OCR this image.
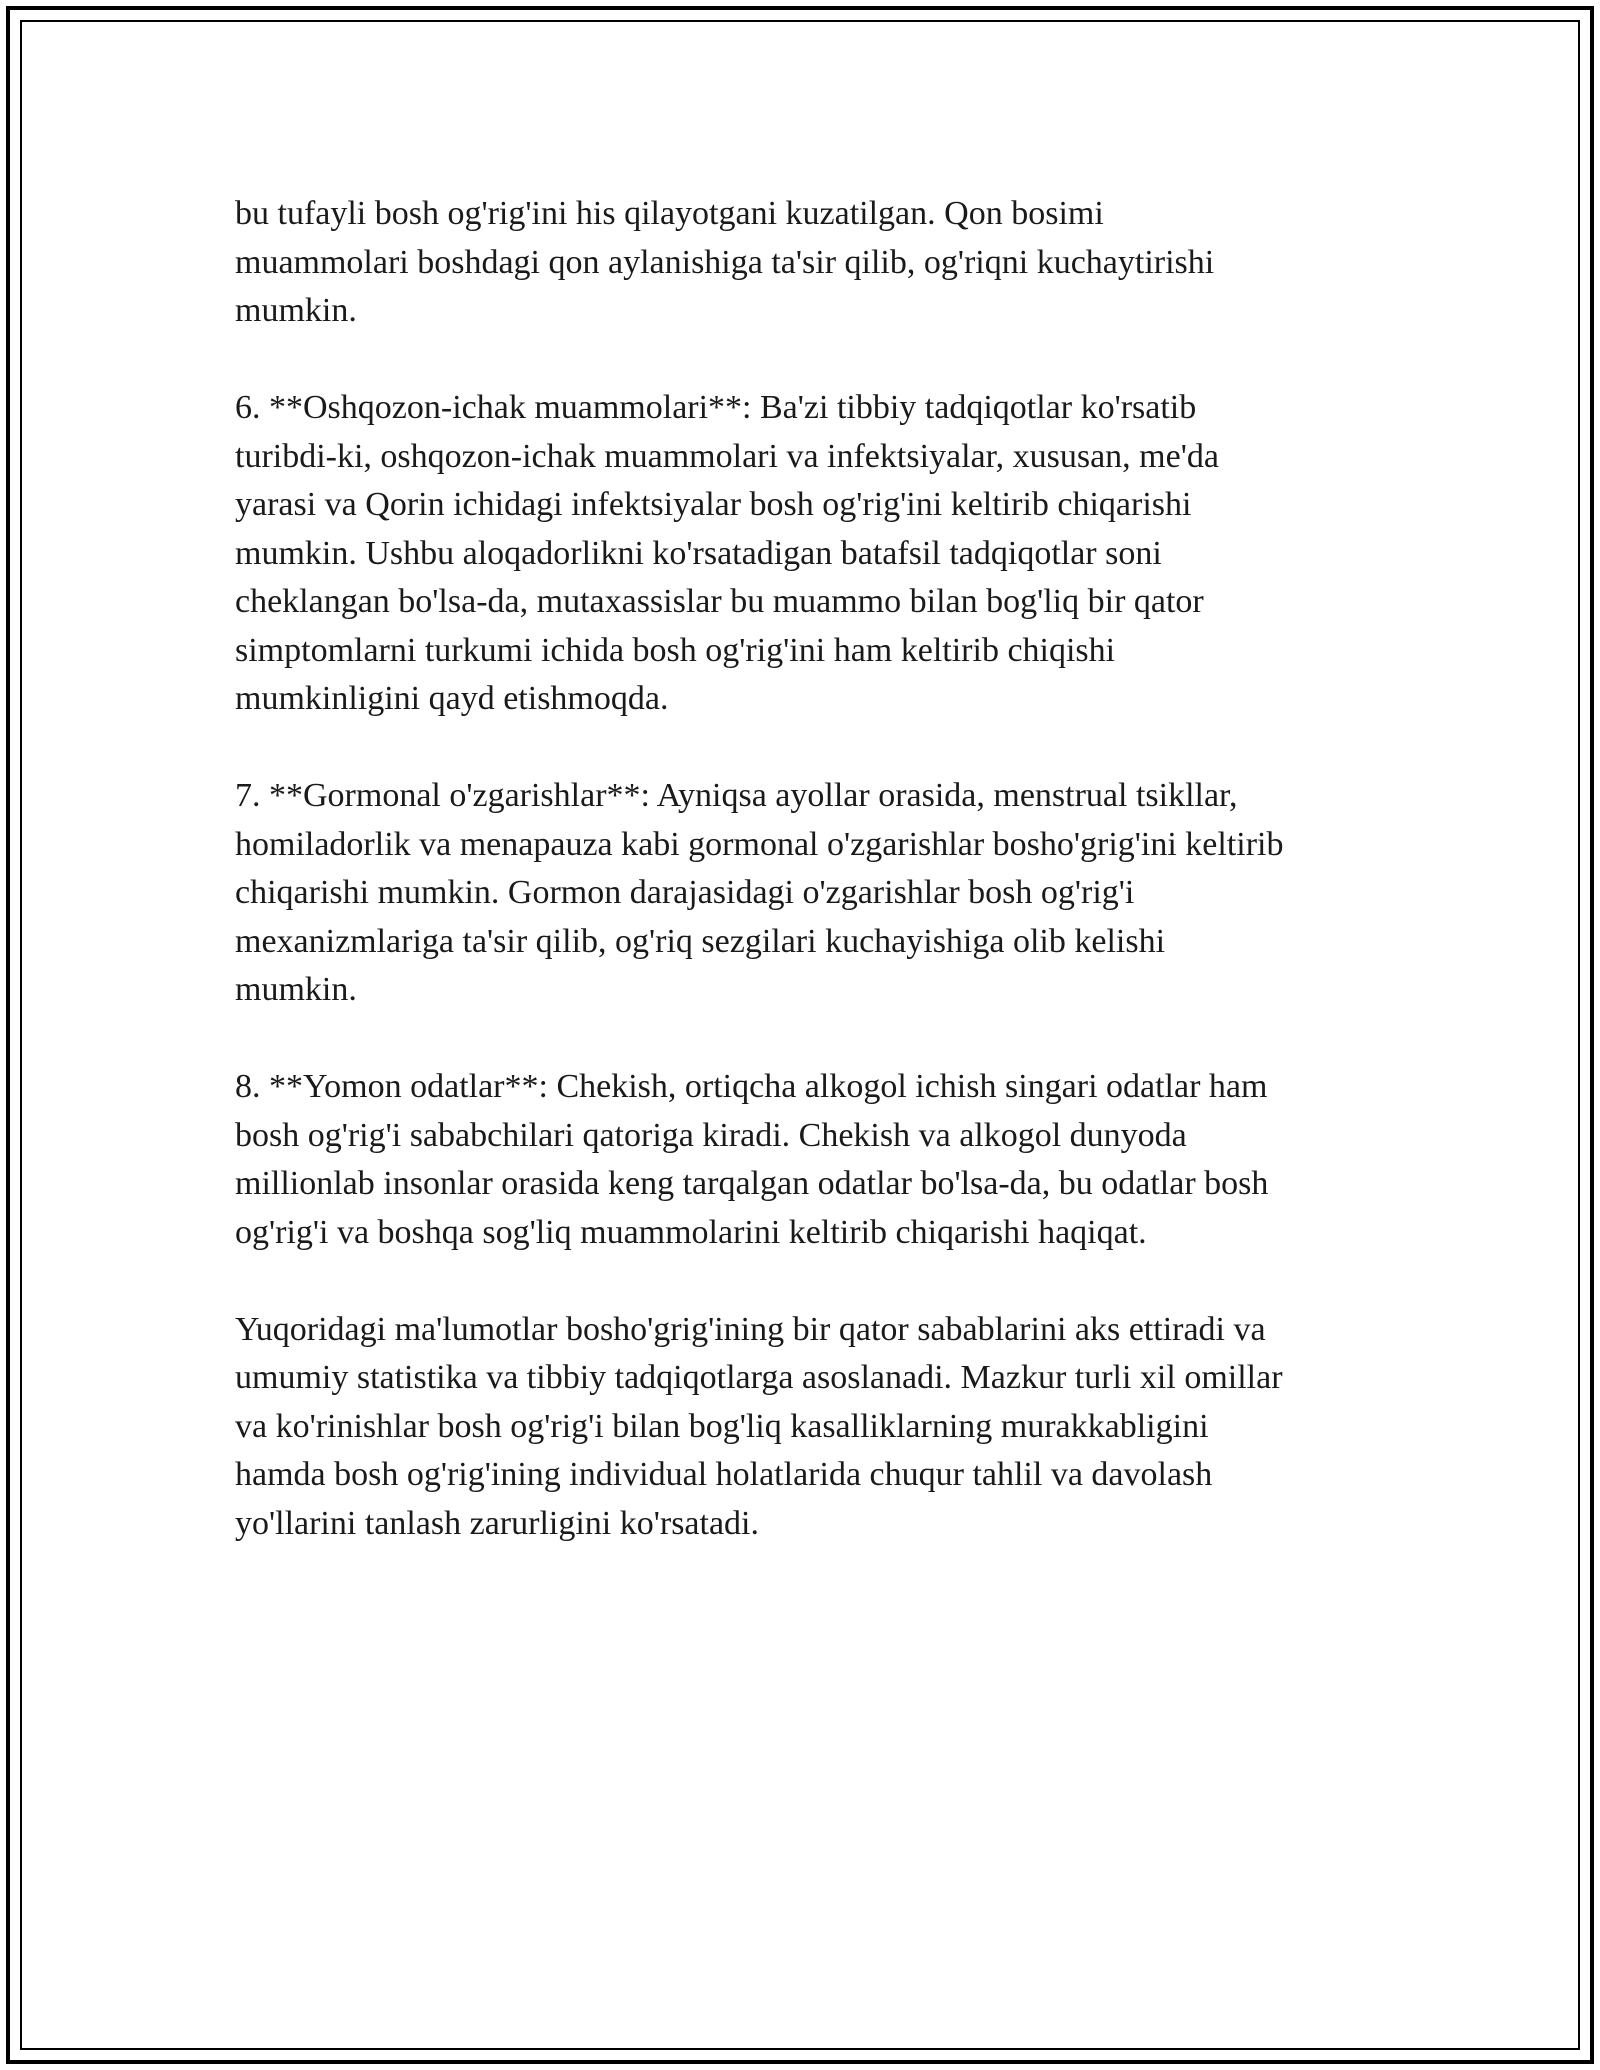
bu tufayli bosh og'rig'ini his qilayotgani kuzatilgan. Qon bosimi
muammolari boshdagi qon aylanishiga ta'sir qilib, og'riqni kuchaytirishi
mumkin.

6. **Oshqozon-ichak muammolari**: Ba'zi tibbiy tadqiqotlar ko'rsatib
turibdi-ki, oshqozon-ichak muammolari va infektsiyalar, xususan, me'da
yarasi va Qorin ichidagi infektsiyalar bosh og'rig'ini keltirib chiqarishi
mumkin. Ushbu aloqadorlikni ko'rsatadigan batafsil tadqiqotlar soni
cheklangan bo'lsa-da, mutaxassislar bu muammo bilan bog'liq bir qator
simptomlarni turkumi ichida bosh og'rig'ini ham keltirib chiqishi
mumkinligini qayd etishmoqda.

7. **Gormonal o'zgarishlar**: Ayniqsa ayollar orasida, menstrual tsikllar,
homiladorlik va menapauza kabi gormonal o'zgarishlar bosho'grig'ini keltirib
chiqarishi mumkin. Gormon darajasidagi o'zgarishlar bosh og'rig'i
mexanizmlariga ta'sir qilib, og'riq sezgilari kuchayishiga olib kelishi
mumkin.

8. **Yomon odatlar**: Chekish, ortiqcha alkogol ichish singari odatlar ham
bosh og'rig'i sababchilari qatoriga kiradi. Chekish va alkogol dunyoda
millionlab insonlar orasida keng tarqalgan odatlar bo'lsa-da, bu odatlar bosh
og'rig'i va boshqa sog'liq muammolarini keltirib chiqarishi haqiqat.

Yuqoridagi ma'lumotlar bosho'grig'ining bir qator sabablarini aks ettiradi va
umumiy statistika va tibbiy tadqiqotlarga asoslanadi. Mazkur turli xil omillar
va ko'rinishlar bosh og'rig'i bilan bog'liq kasalliklarning murakkabligini
hamda bosh og'rig'ining individual holatlarida chuqur tahlil va davolash
yo'llarini tanlash zarurligini ko'rsatadi.
